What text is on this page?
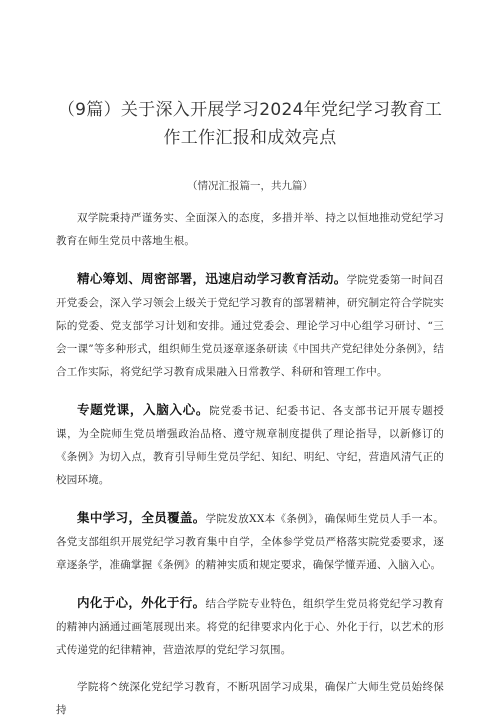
（9篇）关于深入开展学习2024年党纪学习教育工
作工作汇报和成效亮点
（情况汇报篇一，共九篇）

双学院秉持严谨务实、全面深入的态度，多措并举、持之以恒地推动党纪学习教育在师生党员中落地生根。

精心筹划、周密部署，迅速启动学习教育活动。学院党委第一时间召开党委会，深入学习领会上级关于党纪学习教育的部署精神，研究制定符合学院实际的党委、党支部学习计划和安排。通过党委会、理论学习中心组学习研讨、“三会一课”等多种形式，组织师生党员逐章逐条研读《中国共产党纪律处分条例》，结合工作实际，将党纪学习教育成果融入日常教学、科研和管理工作中。

专题党课，入脑入心。院党委书记、纪委书记、各支部书记开展专题授课，为全院师生党员增强政治品格、遵守规章制度提供了理论指导，以新修订的《条例》为切入点，教育引导师生党员学纪、知纪、明纪、守纪，营造风清气正的校园环境。

集中学习，全员覆盖。学院发放XX本《条例》，确保师生党员人手一本。各党支部组织开展党纪学习教育集中自学，全体参学党员严格落实院党委要求，逐章逐条学，准确掌握《条例》的精神实质和规定要求，确保学懂弄通、入脑入心。

内化于心，外化于行。结合学院专业特色，组织学生党员将党纪学习教育的精神内涵通过画笔展现出来。将党的纪律要求内化于心、外化于行，以艺术的形式传递党的纪律精神，营造浓厚的党纪学习氛围。

学院将^统深化党纪学习教育，不断巩固学习成果，确保广大师生党员始终保持
